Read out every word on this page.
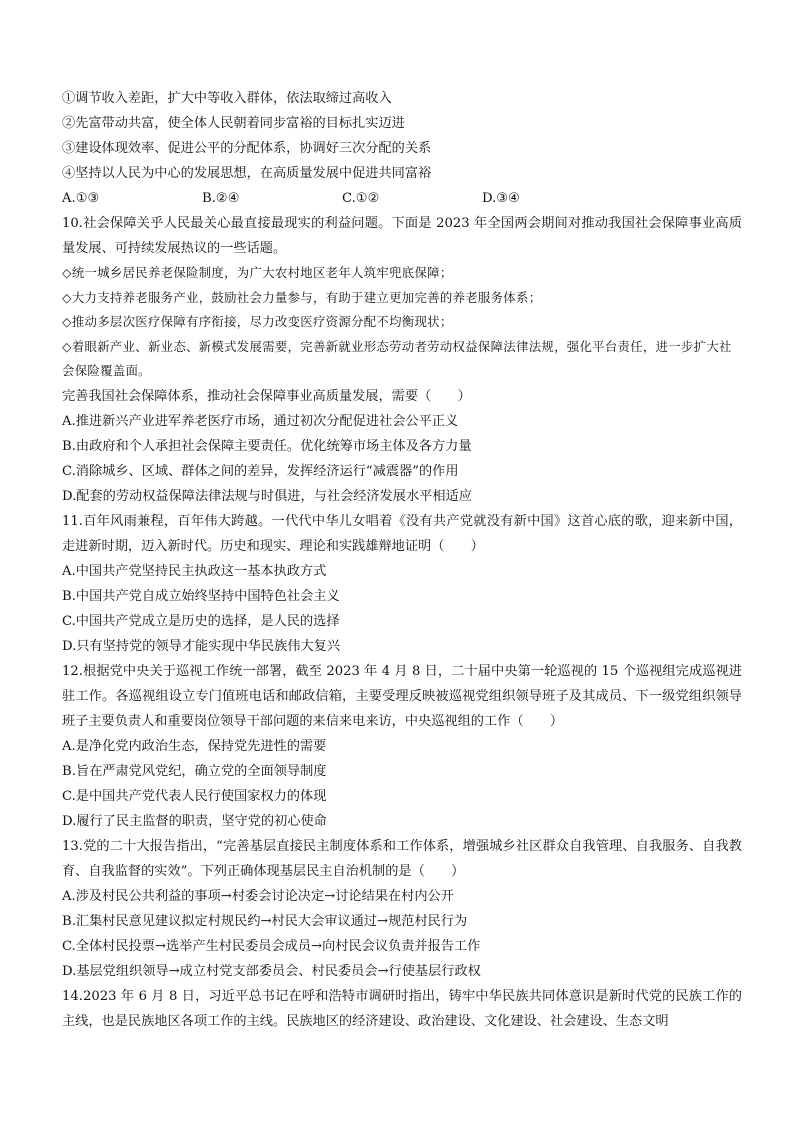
①调节收入差距，扩大中等收入群体，依法取缔过高收入
②先富带动共富，使全体人民朝着同步富裕的目标扎实迈进
③建设体现效率、促进公平的分配体系，协调好三次分配的关系
④坚持以人民为中心的发展思想，在高质量发展中促进共同富裕
A.①③	B.②④	C.①②	D.③④
10.社会保障关乎人民最关心最直接最现实的利益问题。下面是 2023 年全国两会期间对推动我国社会保障事业高质量发展、可持续发展热议的一些话题。
◇统一城乡居民养老保险制度，为广大农村地区老年人筑牢兜底保障；
◇大力支持养老服务产业，鼓励社会力量参与，有助于建立更加完善的养老服务体系；
◇推动多层次医疗保障有序衔接，尽力改变医疗资源分配不均衡现状；
◇着眼新产业、新业态、新模式发展需要，完善新就业形态劳动者劳动权益保障法律法规，强化平台责任，进一步扩大社会保险覆盖面。
完善我国社会保障体系，推动社会保障事业高质量发展，需要（　　）
A.推进新兴产业进军养老医疗市场，通过初次分配促进社会公平正义
B.由政府和个人承担社会保障主要责任。优化统筹市场主体及各方力量
C.消除城乡、区域、群体之间的差异，发挥经济运行“减震器”的作用
D.配套的劳动权益保障法律法规与时俱进，与社会经济发展水平相适应
11.百年风雨兼程，百年伟大跨越。一代代中华儿女唱着《没有共产党就没有新中国》这首心底的歌，迎来新中国，走进新时期，迈入新时代。历史和现实、理论和实践雄辩地证明（　　）
A.中国共产党坚持民主执政这一基本执政方式
B.中国共产党自成立始终坚持中国特色社会主义
C.中国共产党成立是历史的选择，是人民的选择
D.只有坚持党的领导才能实现中华民族伟大复兴
12.根据党中央关于巡视工作统一部署，截至 2023 年 4 月 8 日，二十届中央第一轮巡视的 15 个巡视组完成巡视进驻工作。各巡视组设立专门值班电话和邮政信箱，主要受理反映被巡视党组织领导班子及其成员、下一级党组织领导班子主要负责人和重要岗位领导干部问题的来信来电来访，中央巡视组的工作（　　）
A.是净化党内政治生态，保持党先进性的需要
B.旨在严肃党风党纪，确立党的全面领导制度
C.是中国共产党代表人民行使国家权力的体现
D.履行了民主监督的职责，坚守党的初心使命
13.党的二十大报告指出，“完善基层直接民主制度体系和工作体系，增强城乡社区群众自我管理、自我服务、自我教育、自我监督的实效”。下列正确体现基层民主自治机制的是（　　）
A.涉及村民公共利益的事项→村委会讨论决定→讨论结果在村内公开
B.汇集村民意见建议拟定村规民约→村民大会审议通过→规范村民行为
C.全体村民投票→选举产生村民委员会成员→向村民会议负责并报告工作
D.基层党组织领导→成立村党支部委员会、村民委员会→行使基层行政权
14.2023 年 6 月 8 日，习近平总书记在呼和浩特市调研时指出，铸牢中华民族共同体意识是新时代党的民族工作的主线，也是民族地区各项工作的主线。民族地区的经济建设、政治建设、文化建设、社会建设、生态文明
